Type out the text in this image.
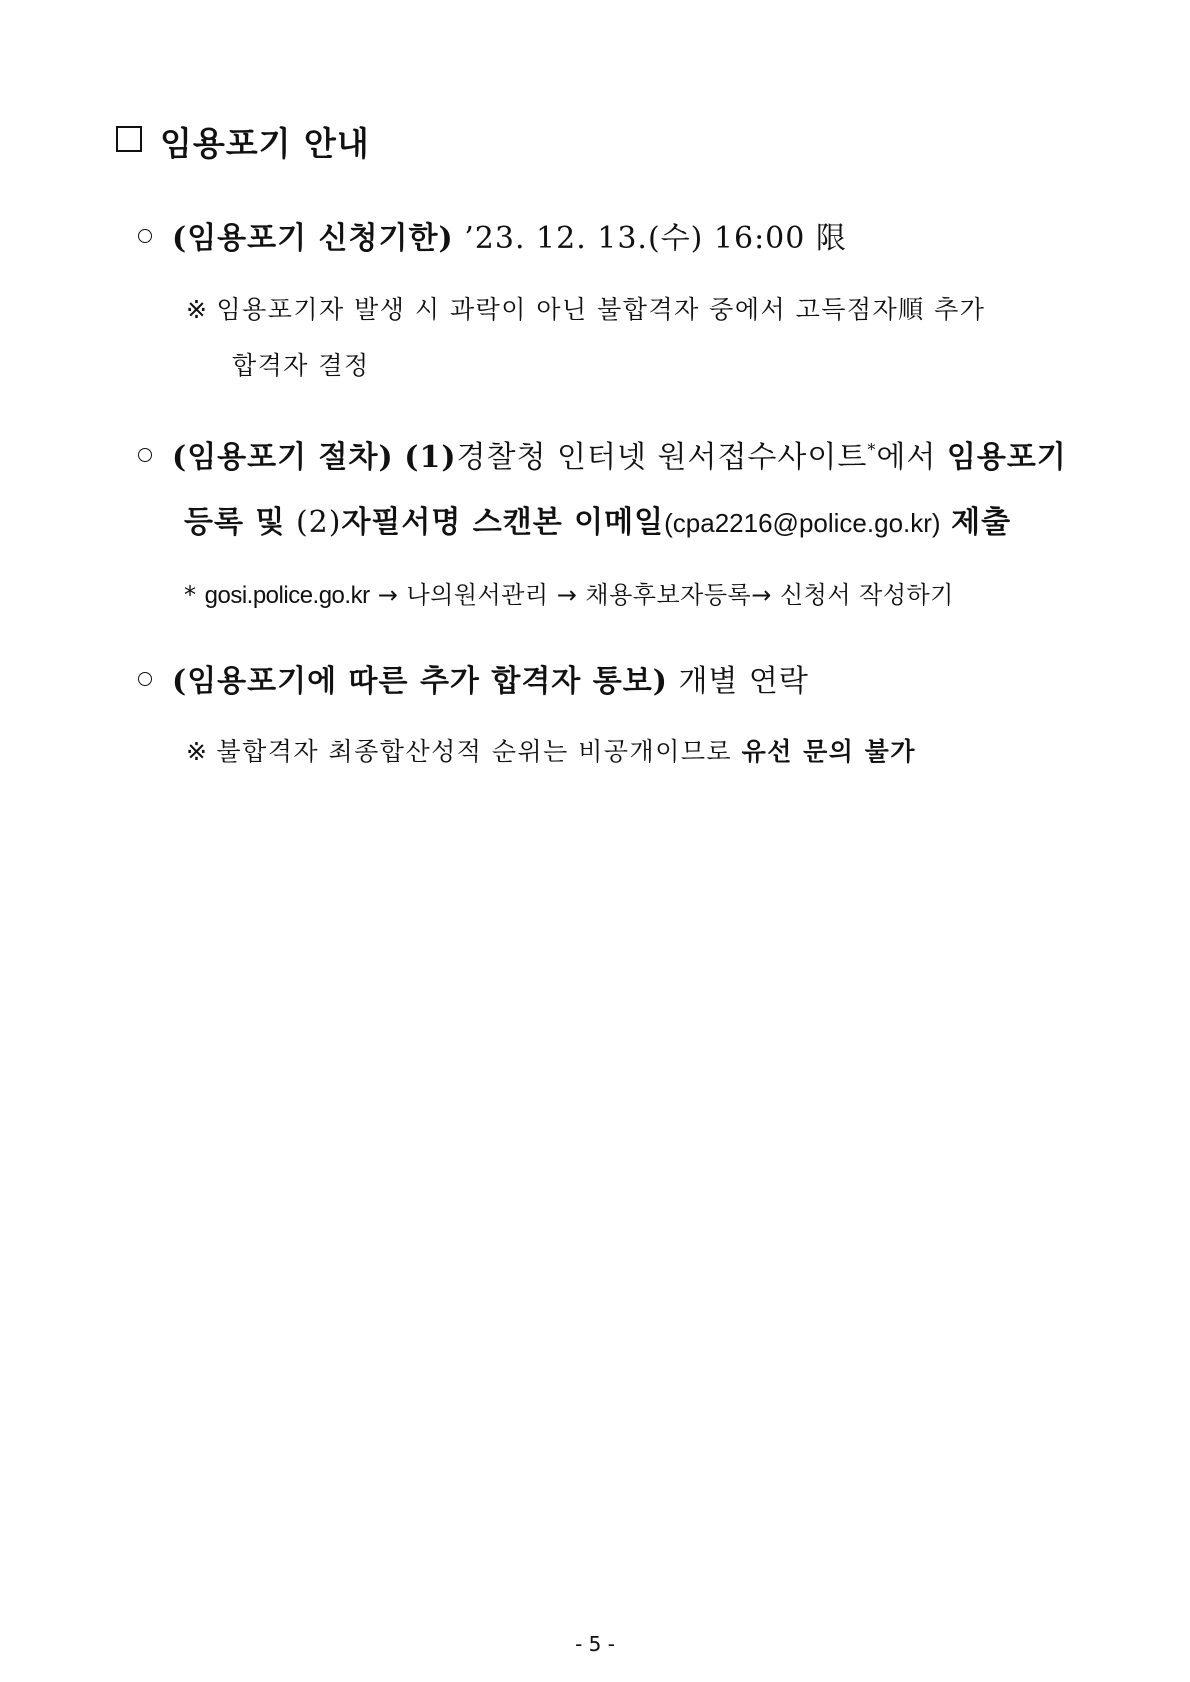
임용포기 안내
(임용포기 신청기한) ’23. 12. 13.(수) 16:00 限
※ 임용포기자 발생 시 과락이 아닌 불합격자 중에서 고득점자順 추가
합격자 결정
(임용포기 절차) (1)경찰청 인터넷 원서접수사이트*에서 임용포기
등록 및 (2)자필서명 스캔본 이메일(cpa2216@police.go.kr) 제출
* gosi.police.go.kr → 나의원서관리 → 채용후보자등록→ 신청서 작성하기
(임용포기에 따른 추가 합격자 통보) 개별 연락
※ 불합격자 최종합산성적 순위는 비공개이므로 유선 문의 불가
- 5 -
